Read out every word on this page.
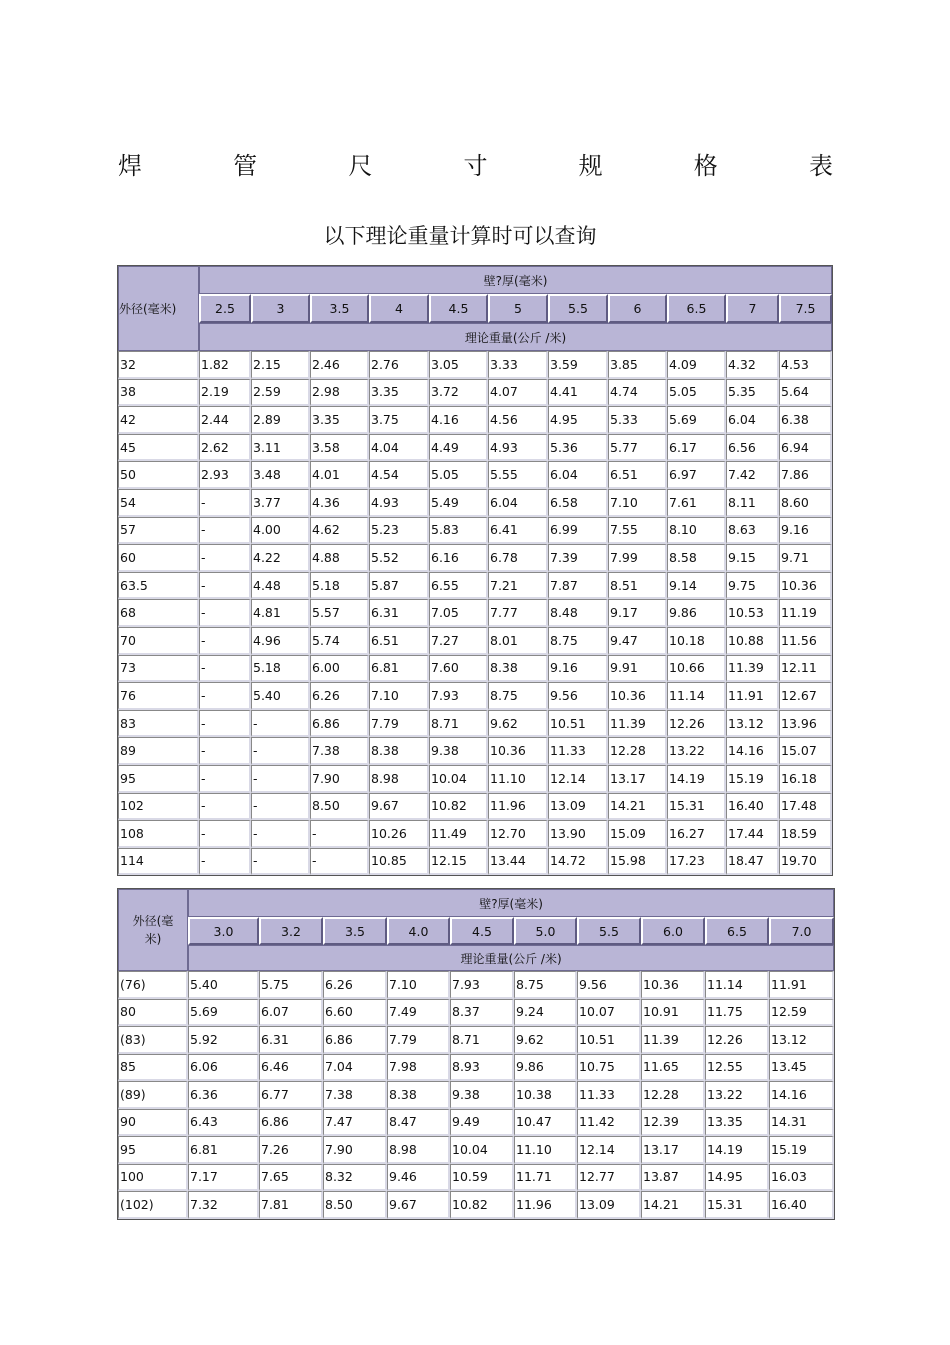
焊	管	尺	寸	规	格	表
以下理论重量计算时可以查询
外径(毫米)	壁?厚(毫米)										
	2.5	3	3.5	4	4.5	5	5.5	6	6.5	7	7.5
	理论重量(公斤 /米)										
32	1.82	2.15	2.46	2.76	3.05	3.33	3.59	3.85	4.09	4.32	4.53
38	2.19	2.59	2.98	3.35	3.72	4.07	4.41	4.74	5.05	5.35	5.64
42	2.44	2.89	3.35	3.75	4.16	4.56	4.95	5.33	5.69	6.04	6.38
45	2.62	3.11	3.58	4.04	4.49	4.93	5.36	5.77	6.17	6.56	6.94
50	2.93	3.48	4.01	4.54	5.05	5.55	6.04	6.51	6.97	7.42	7.86
54	-	3.77	4.36	4.93	5.49	6.04	6.58	7.10	7.61	8.11	8.60
57	-	4.00	4.62	5.23	5.83	6.41	6.99	7.55	8.10	8.63	9.16
60	-	4.22	4.88	5.52	6.16	6.78	7.39	7.99	8.58	9.15	9.71
63.5	-	4.48	5.18	5.87	6.55	7.21	7.87	8.51	9.14	9.75	10.36
68	-	4.81	5.57	6.31	7.05	7.77	8.48	9.17	9.86	10.53	11.19
70	-	4.96	5.74	6.51	7.27	8.01	8.75	9.47	10.18	10.88	11.56
73	-	5.18	6.00	6.81	7.60	8.38	9.16	9.91	10.66	11.39	12.11
76	-	5.40	6.26	7.10	7.93	8.75	9.56	10.36	11.14	11.91	12.67
83	-	-	6.86	7.79	8.71	9.62	10.51	11.39	12.26	13.12	13.96
89	-	-	7.38	8.38	9.38	10.36	11.33	12.28	13.22	14.16	15.07
95	-	-	7.90	8.98	10.04	11.10	12.14	13.17	14.19	15.19	16.18
102	-	-	8.50	9.67	10.82	11.96	13.09	14.21	15.31	16.40	17.48
108	-	-	-	10.26	11.49	12.70	13.90	15.09	16.27	17.44	18.59
114	-	-	-	10.85	12.15	13.44	14.72	15.98	17.23	18.47	19.70
外径(毫
米)	壁?厚(毫米)									
	3.0	3.2	3.5	4.0	4.5	5.0	5.5	6.0	6.5	7.0
	理论重量(公斤 /米)									
(76)	5.40	5.75	6.26	7.10	7.93	8.75	9.56	10.36	11.14	11.91
80	5.69	6.07	6.60	7.49	8.37	9.24	10.07	10.91	11.75	12.59
(83)	5.92	6.31	6.86	7.79	8.71	9.62	10.51	11.39	12.26	13.12
85	6.06	6.46	7.04	7.98	8.93	9.86	10.75	11.65	12.55	13.45
(89)	6.36	6.77	7.38	8.38	9.38	10.38	11.33	12.28	13.22	14.16
90	6.43	6.86	7.47	8.47	9.49	10.47	11.42	12.39	13.35	14.31
95	6.81	7.26	7.90	8.98	10.04	11.10	12.14	13.17	14.19	15.19
100	7.17	7.65	8.32	9.46	10.59	11.71	12.77	13.87	14.95	16.03
(102)	7.32	7.81	8.50	9.67	10.82	11.96	13.09	14.21	15.31	16.40
